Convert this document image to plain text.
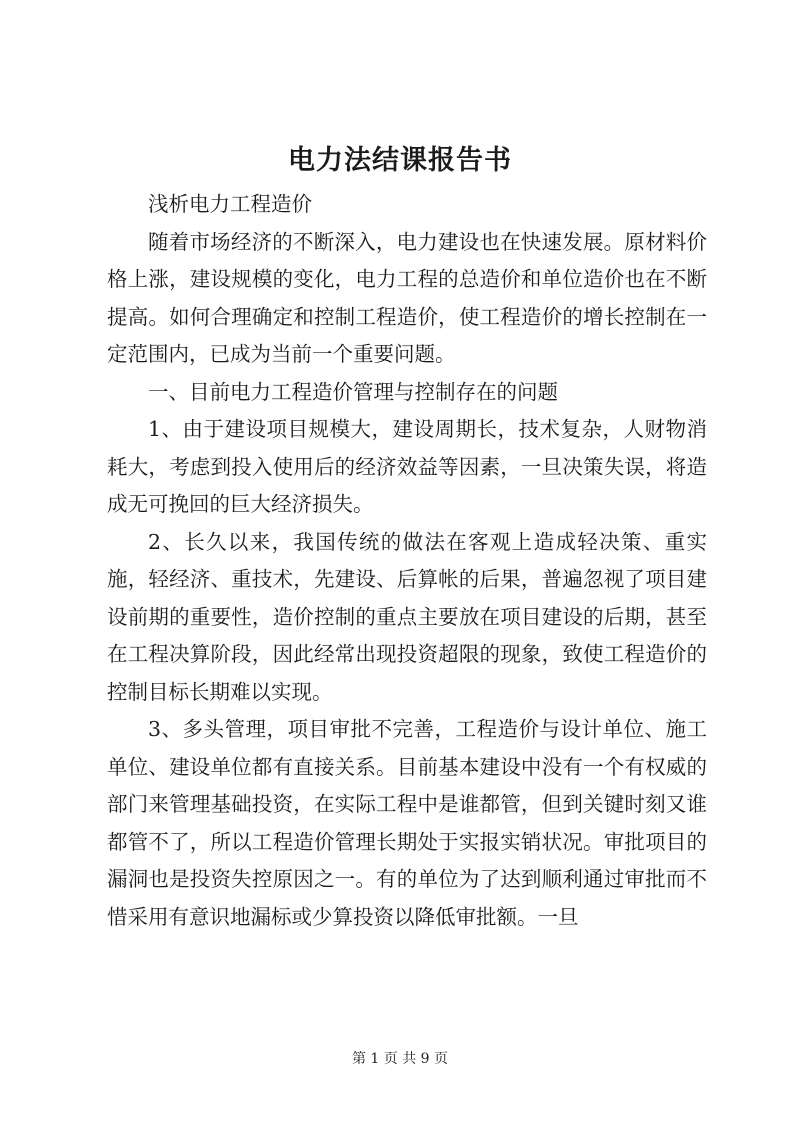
电力法结课报告书

浅析电力工程造价

随着市场经济的不断深入，电力建设也在快速发展。原材料价格上涨，建设规模的变化，电力工程的总造价和单位造价也在不断提高。如何合理确定和控制工程造价，使工程造价的增长控制在一定范围内，已成为当前一个重要问题。

一、目前电力工程造价管理与控制存在的问题

1、由于建设项目规模大，建设周期长，技术复杂，人财物消耗大，考虑到投入使用后的经济效益等因素，一旦决策失误，将造成无可挽回的巨大经济损失。

2、长久以来，我国传统的做法在客观上造成轻决策、重实施，轻经济、重技术，先建设、后算帐的后果，普遍忽视了项目建设前期的重要性，造价控制的重点主要放在项目建设的后期，甚至在工程决算阶段，因此经常出现投资超限的现象，致使工程造价的控制目标长期难以实现。

3、多头管理，项目审批不完善，工程造价与设计单位、施工单位、建设单位都有直接关系。目前基本建设中没有一个有权威的部门来管理基础投资，在实际工程中是谁都管，但到关键时刻又谁都管不了，所以工程造价管理长期处于实报实销状况。审批项目的漏洞也是投资失控原因之一。有的单位为了达到顺利通过审批而不惜采用有意识地漏标或少算投资以降低审批额。一旦

第 1 页 共 9 页
